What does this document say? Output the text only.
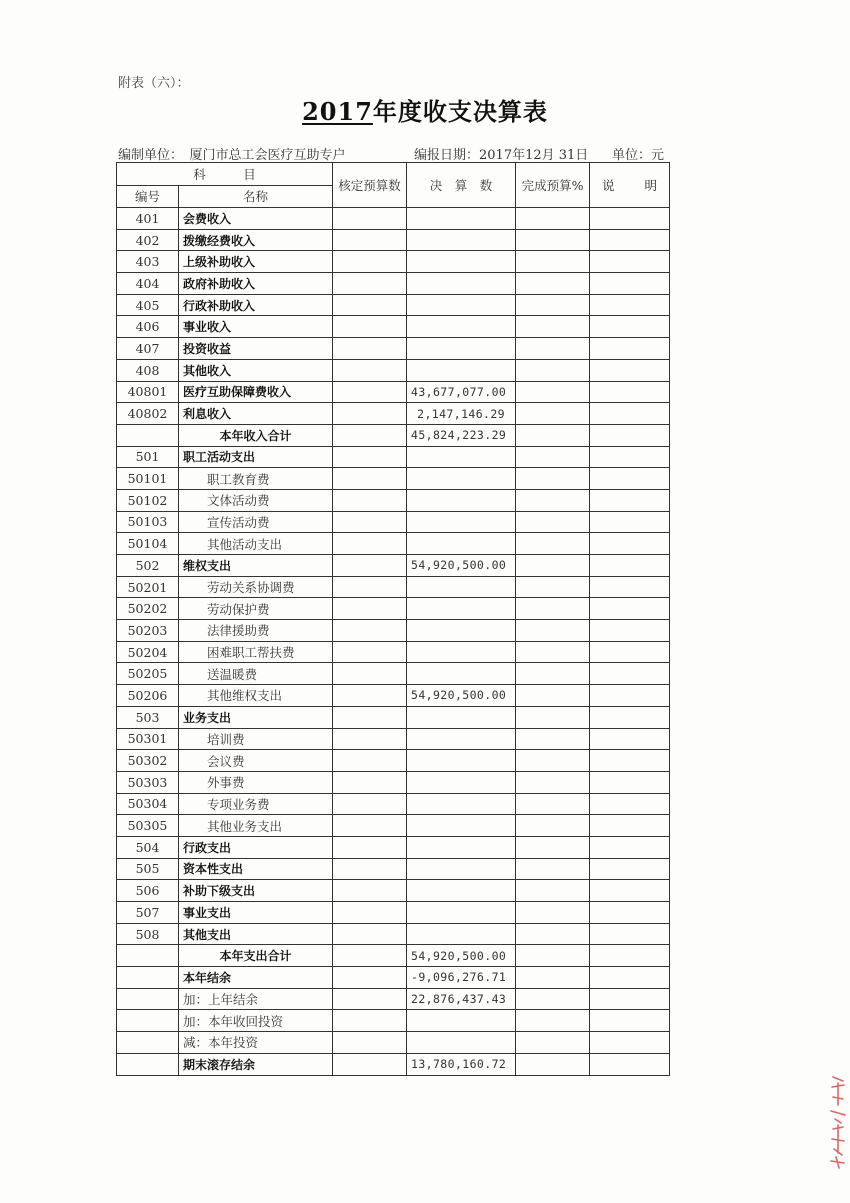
附表（六）：
2017年度收支决算表
编制单位：　厦门市总工会医疗互助专户	编报日期：2017年12月 31日 单位：元
科　　　目		核定预算数	决　算　数	完成预算%	说 明

编号	名称				
401	会费收入				
402	拨缴经费收入				
403	上级补助收入				
404	政府补助收入				
405	行政补助收入				
406	事业收入				
407	投资收益				
408	其他收入				
40801	医疗互助保障费收入		43,677,077.00		
40802	利息收入		2,147,146.29		
	本年收入合计		45,824,223.29		
501	职工活动支出				
50101	职工教育费				
50102	文体活动费				
50103	宣传活动费				
50104	其他活动支出				
502	维权支出		54,920,500.00		
50201	劳动关系协调费				
50202	劳动保护费				
50203	法律援助费				
50204	困难职工帮扶费				
50205	送温暖费				
50206	其他维权支出		54,920,500.00		
503	业务支出				
50301	培训费				
50302	会议费				
50303	外事费				
50304	专项业务费				
50305	其他业务支出				
504	行政支出				
505	资本性支出				
506	补助下级支出				
507	事业支出				
508	其他支出				
	本年支出合计		54,920,500.00		
	本年结余		-9,096,276.71		
	加：上年结余		22,876,437.43		
	加：本年收回投资				
	减：本年投资				
	期末滚存结余		13,780,160.72		
